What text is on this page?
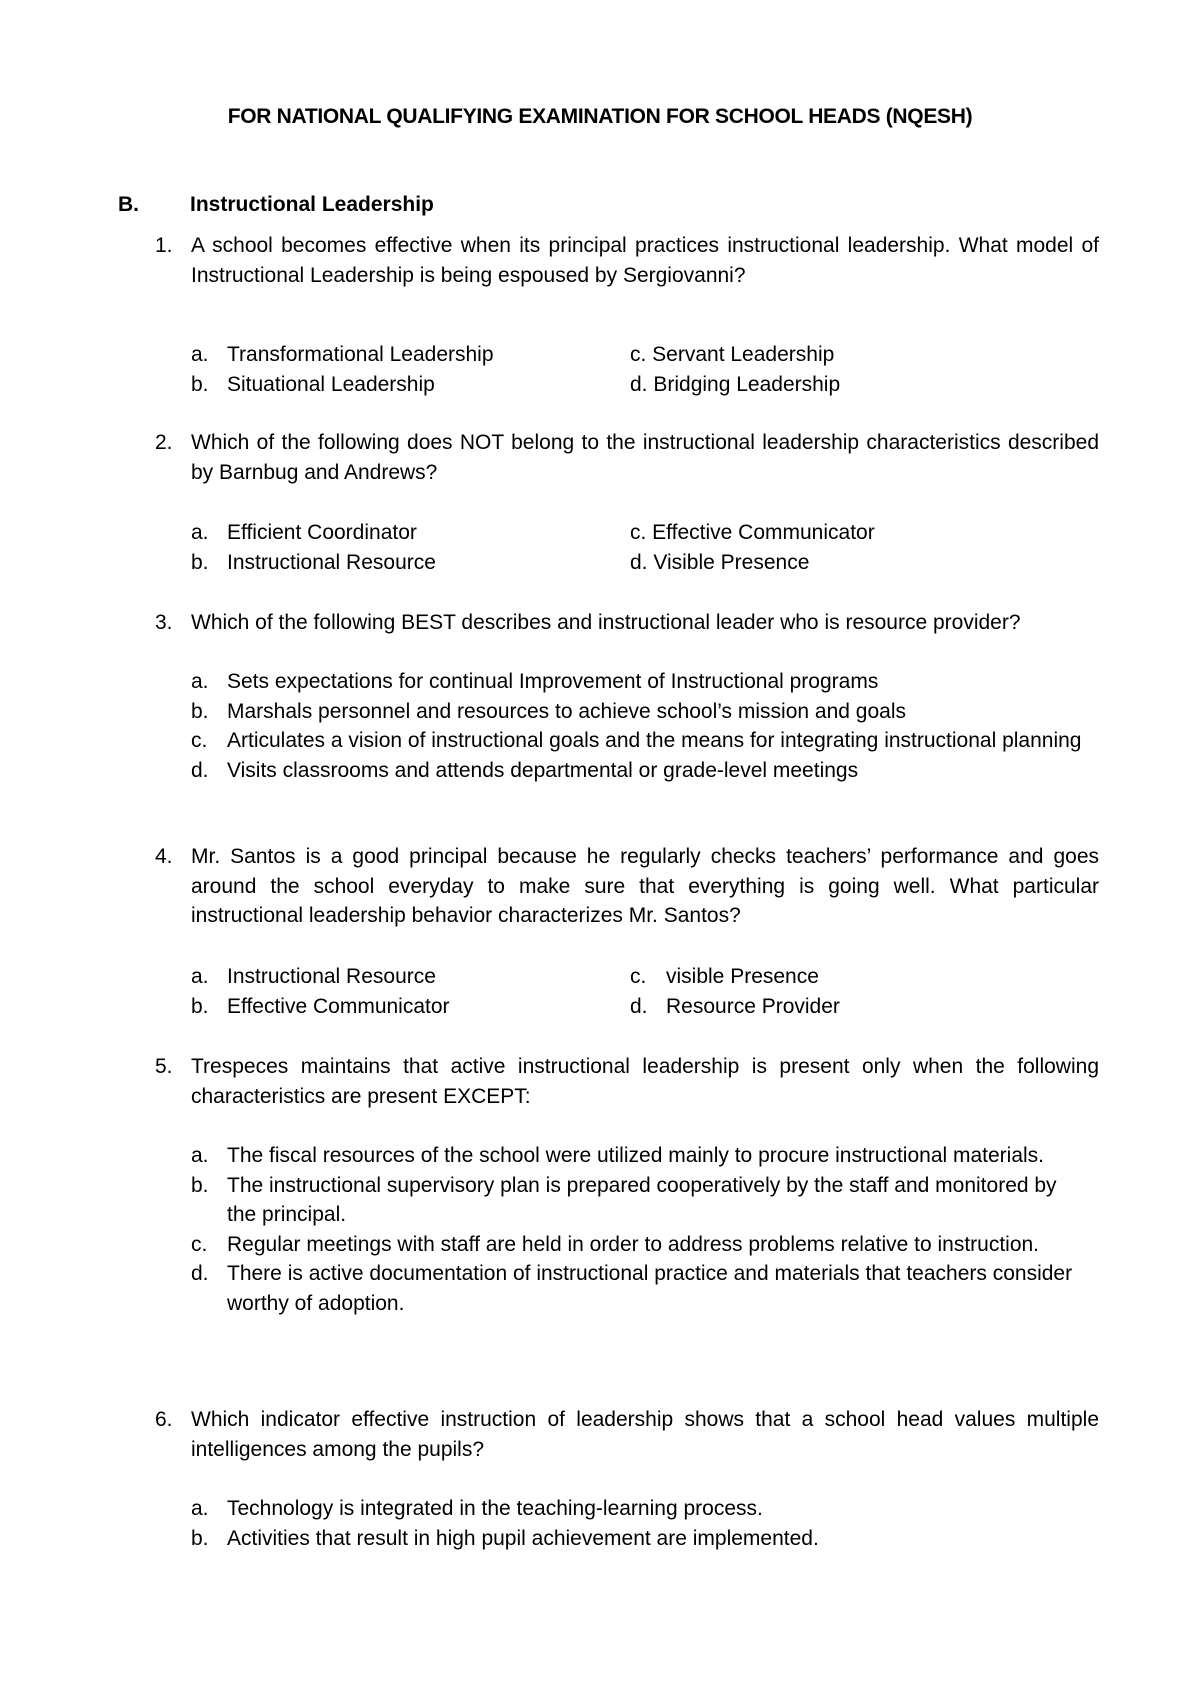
FOR NATIONAL QUALIFYING EXAMINATION FOR SCHOOL HEADS (NQESH)
B. Instructional Leadership
1. A school becomes effective when its principal practices instructional leadership. What model of Instructional Leadership is being espoused by Sergiovanni?
a. Transformational Leadership	c. Servant Leadership
b. Situational Leadership	d. Bridging Leadership
2. Which of the following does NOT belong to the instructional leadership characteristics described by Barnbug and Andrews?
a. Efficient Coordinator	c. Effective Communicator
b. Instructional Resource	d. Visible Presence
3. Which of the following BEST describes and instructional leader who is resource provider?
a. Sets expectations for continual Improvement of Instructional programs
b. Marshals personnel and resources to achieve school’s mission and goals
c. Articulates a vision of instructional goals and the means for integrating instructional planning
d. Visits classrooms and attends departmental or grade-level meetings
4. Mr. Santos is a good principal because he regularly checks teachers’ performance and goes around the school everyday to make sure that everything is going well. What particular instructional leadership behavior characterizes Mr. Santos?
a. Instructional Resource	c. visible Presence
b. Effective Communicator	d. Resource Provider
5. Trespeces maintains that active instructional leadership is present only when the following characteristics are present EXCEPT:
a. The fiscal resources of the school were utilized mainly to procure instructional materials.
b. The instructional supervisory plan is prepared cooperatively by the staff and monitored by the principal.
c. Regular meetings with staff are held in order to address problems relative to instruction.
d. There is active documentation of instructional practice and materials that teachers consider worthy of adoption.
6. Which indicator effective instruction of leadership shows that a school head values multiple intelligences among the pupils?
a. Technology is integrated in the teaching-learning process.
b. Activities that result in high pupil achievement are implemented.
